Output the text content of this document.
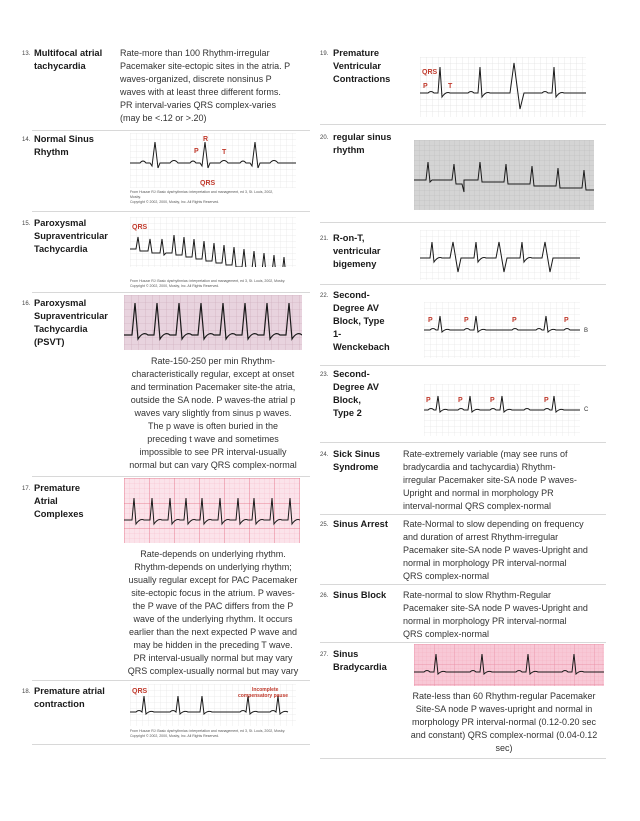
13. Multifocal atrial
tachycardia
Rate-more than 100 Rhythm-irregular
Pacemaker site-ectopic sites in the atria. P
waves-organized, discrete nonsinus P
waves with at least three different forms.
PR interval-varies QRS complex-varies
(may be <.12 or >.20)
14. Normal Sinus
Rhythm
R
P	T
QRS
From Huszar RJ: Basic dysrhythmias: interpretation and management, ed 3, St. Louis, 2002,
Mosby.
Copyright © 2002, 2000, Mosby, Inc. All Rights Reserved.
15. Paroxysmal
Supraventricular
Tachycardia
QRS
From Huszar RJ: Basic dysrhythmias: interpretation and management, ed 3, St. Louis, 2002, Mosby.
Copyright © 2002, 2000, Mosby, Inc. All Rights Reserved.
16. Paroxysmal
Supraventricular
Tachycardia
(PSVT)
Rate-150-250 per min Rhythm-
characteristically regular, except at onset
and termination Pacemaker site-the atria,
outside the SA node. P waves-the atrial p
waves vary slightly from sinus p waves.
The p wave is often buried in the
preceding t wave and sometimes
impossible to see PR interval-usually
normal but can vary QRS complex-normal
17. Premature
Atrial
Complexes
Rate-depends on underlying rhythm.
Rhythm-depends on underlying rhythm;
usually regular except for PAC Pacemaker
site-ectopic focus in the atrium. P waves-
the P wave of the PAC differs from the P
wave of the underlying rhythm. It occurs
earlier than the next expected P wave and
may be hidden in the preceding T wave.
PR interval-usually normal but may vary
QRS complex-usually normal but may vary
18. Premature atrial
contraction
QRS	Incomplete
compensatory pause
From Huszar RJ: Basic dysrhythmias: interpretation and management, ed 3, St. Louis, 2002, Mosby.
Copyright © 2002, 2000, Mosby, Inc. All Rights Reserved.
19. Premature
Ventricular
Contractions
QRS
P	T
20. regular sinus
rhythm
21. R-on-T,
ventricular
bigemeny
22. Second-
Degree AV
Block, Type
1-
Wenckebach
P	P	P	P
B
23. Second-
Degree AV
Block,
Type 2
P	P	P	P
C
24. Sick Sinus
Syndrome
Rate-extremely variable (may see runs of
bradycardia and tachycardia) Rhythm-
irregular Pacemaker site-SA node P waves-
Upright and normal in morphology PR
interval-normal QRS complex-normal
25. Sinus Arrest Rate-Normal to slow depending on frequency
and duration of arrest Rhythm-irregular
Pacemaker site-SA node P waves-Upright and
normal in morphology PR interval-normal
QRS complex-normal
26. Sinus Block Rate-normal to slow Rhythm-Regular
Pacemaker site-SA node P waves-Upright and
normal in morphology PR interval-normal
QRS complex-normal
27. Sinus
Bradycardia
Rate-less than 60 Rhythm-regular Pacemaker
Site-SA node P waves-upright and normal in
morphology PR interval-normal (0.12-0.20 sec
and constant) QRS complex-normal (0.04-0.12
sec)
